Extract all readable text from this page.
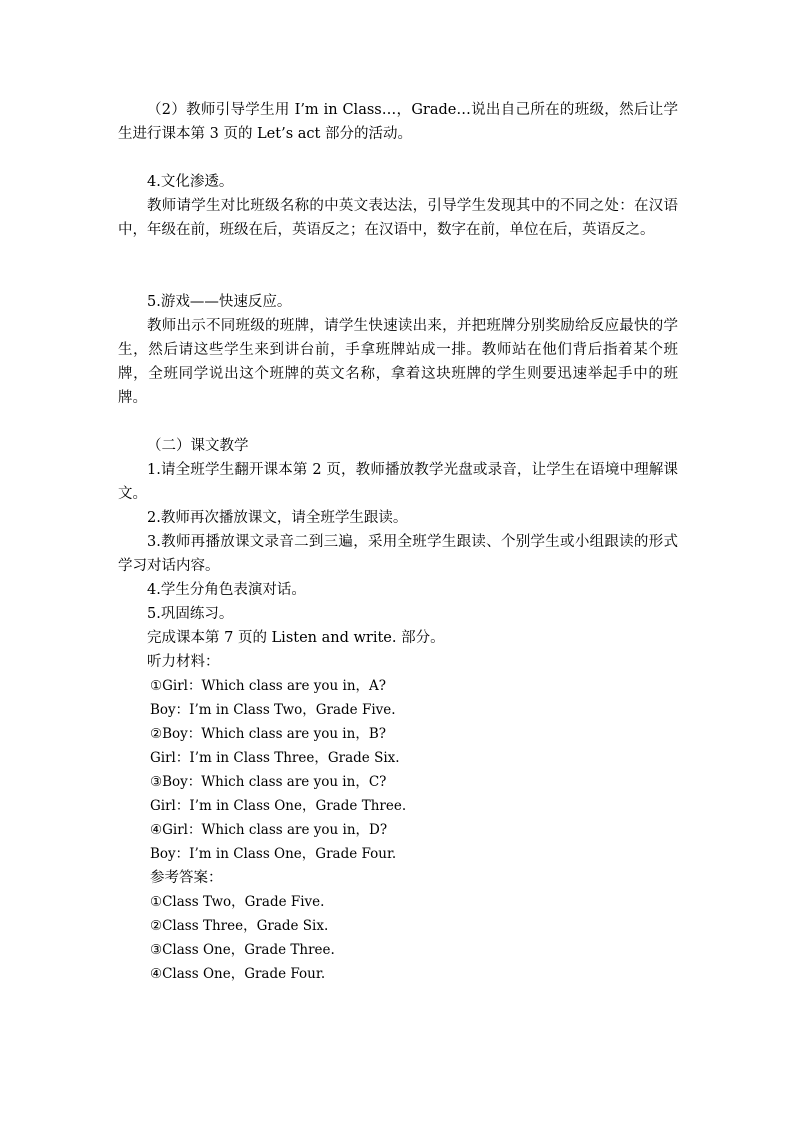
（2）教师引导学生用 I’m in Class…，Grade…说出自己所在的班级，然后让学生进行课本第 3 页的 Let’s act 部分的活动。

4.文化渗透。

教师请学生对比班级名称的中英文表达法，引导学生发现其中的不同之处：在汉语中，年级在前，班级在后，英语反之；在汉语中，数字在前，单位在后，英语反之。

5.游戏——快速反应。

教师出示不同班级的班牌，请学生快速读出来，并把班牌分别奖励给反应最快的学生，然后请这些学生来到讲台前，手拿班牌站成一排。教师站在他们背后指着某个班牌，全班同学说出这个班牌的英文名称，拿着这块班牌的学生则要迅速举起手中的班牌。

（二）课文教学

1.请全班学生翻开课本第 2 页，教师播放教学光盘或录音，让学生在语境中理解课文。

2.教师再次播放课文，请全班学生跟读。

3.教师再播放课文录音二到三遍，采用全班学生跟读、个别学生或小组跟读的形式学习对话内容。

4.学生分角色表演对话。

5.巩固练习。

完成课本第 7 页的 Listen and write. 部分。

听力材料：

①Girl：Which class are you in，A?
Boy：I’m in Class Two，Grade Five.
②Boy：Which class are you in，B?
Girl：I’m in Class Three，Grade Six.
③Boy：Which class are you in，C?
Girl：I’m in Class One，Grade Three.
④Girl：Which class are you in，D?
Boy：I’m in Class One，Grade Four.
参考答案：
①Class Two，Grade Five.
②Class Three，Grade Six.
③Class One，Grade Three.
④Class One，Grade Four.
